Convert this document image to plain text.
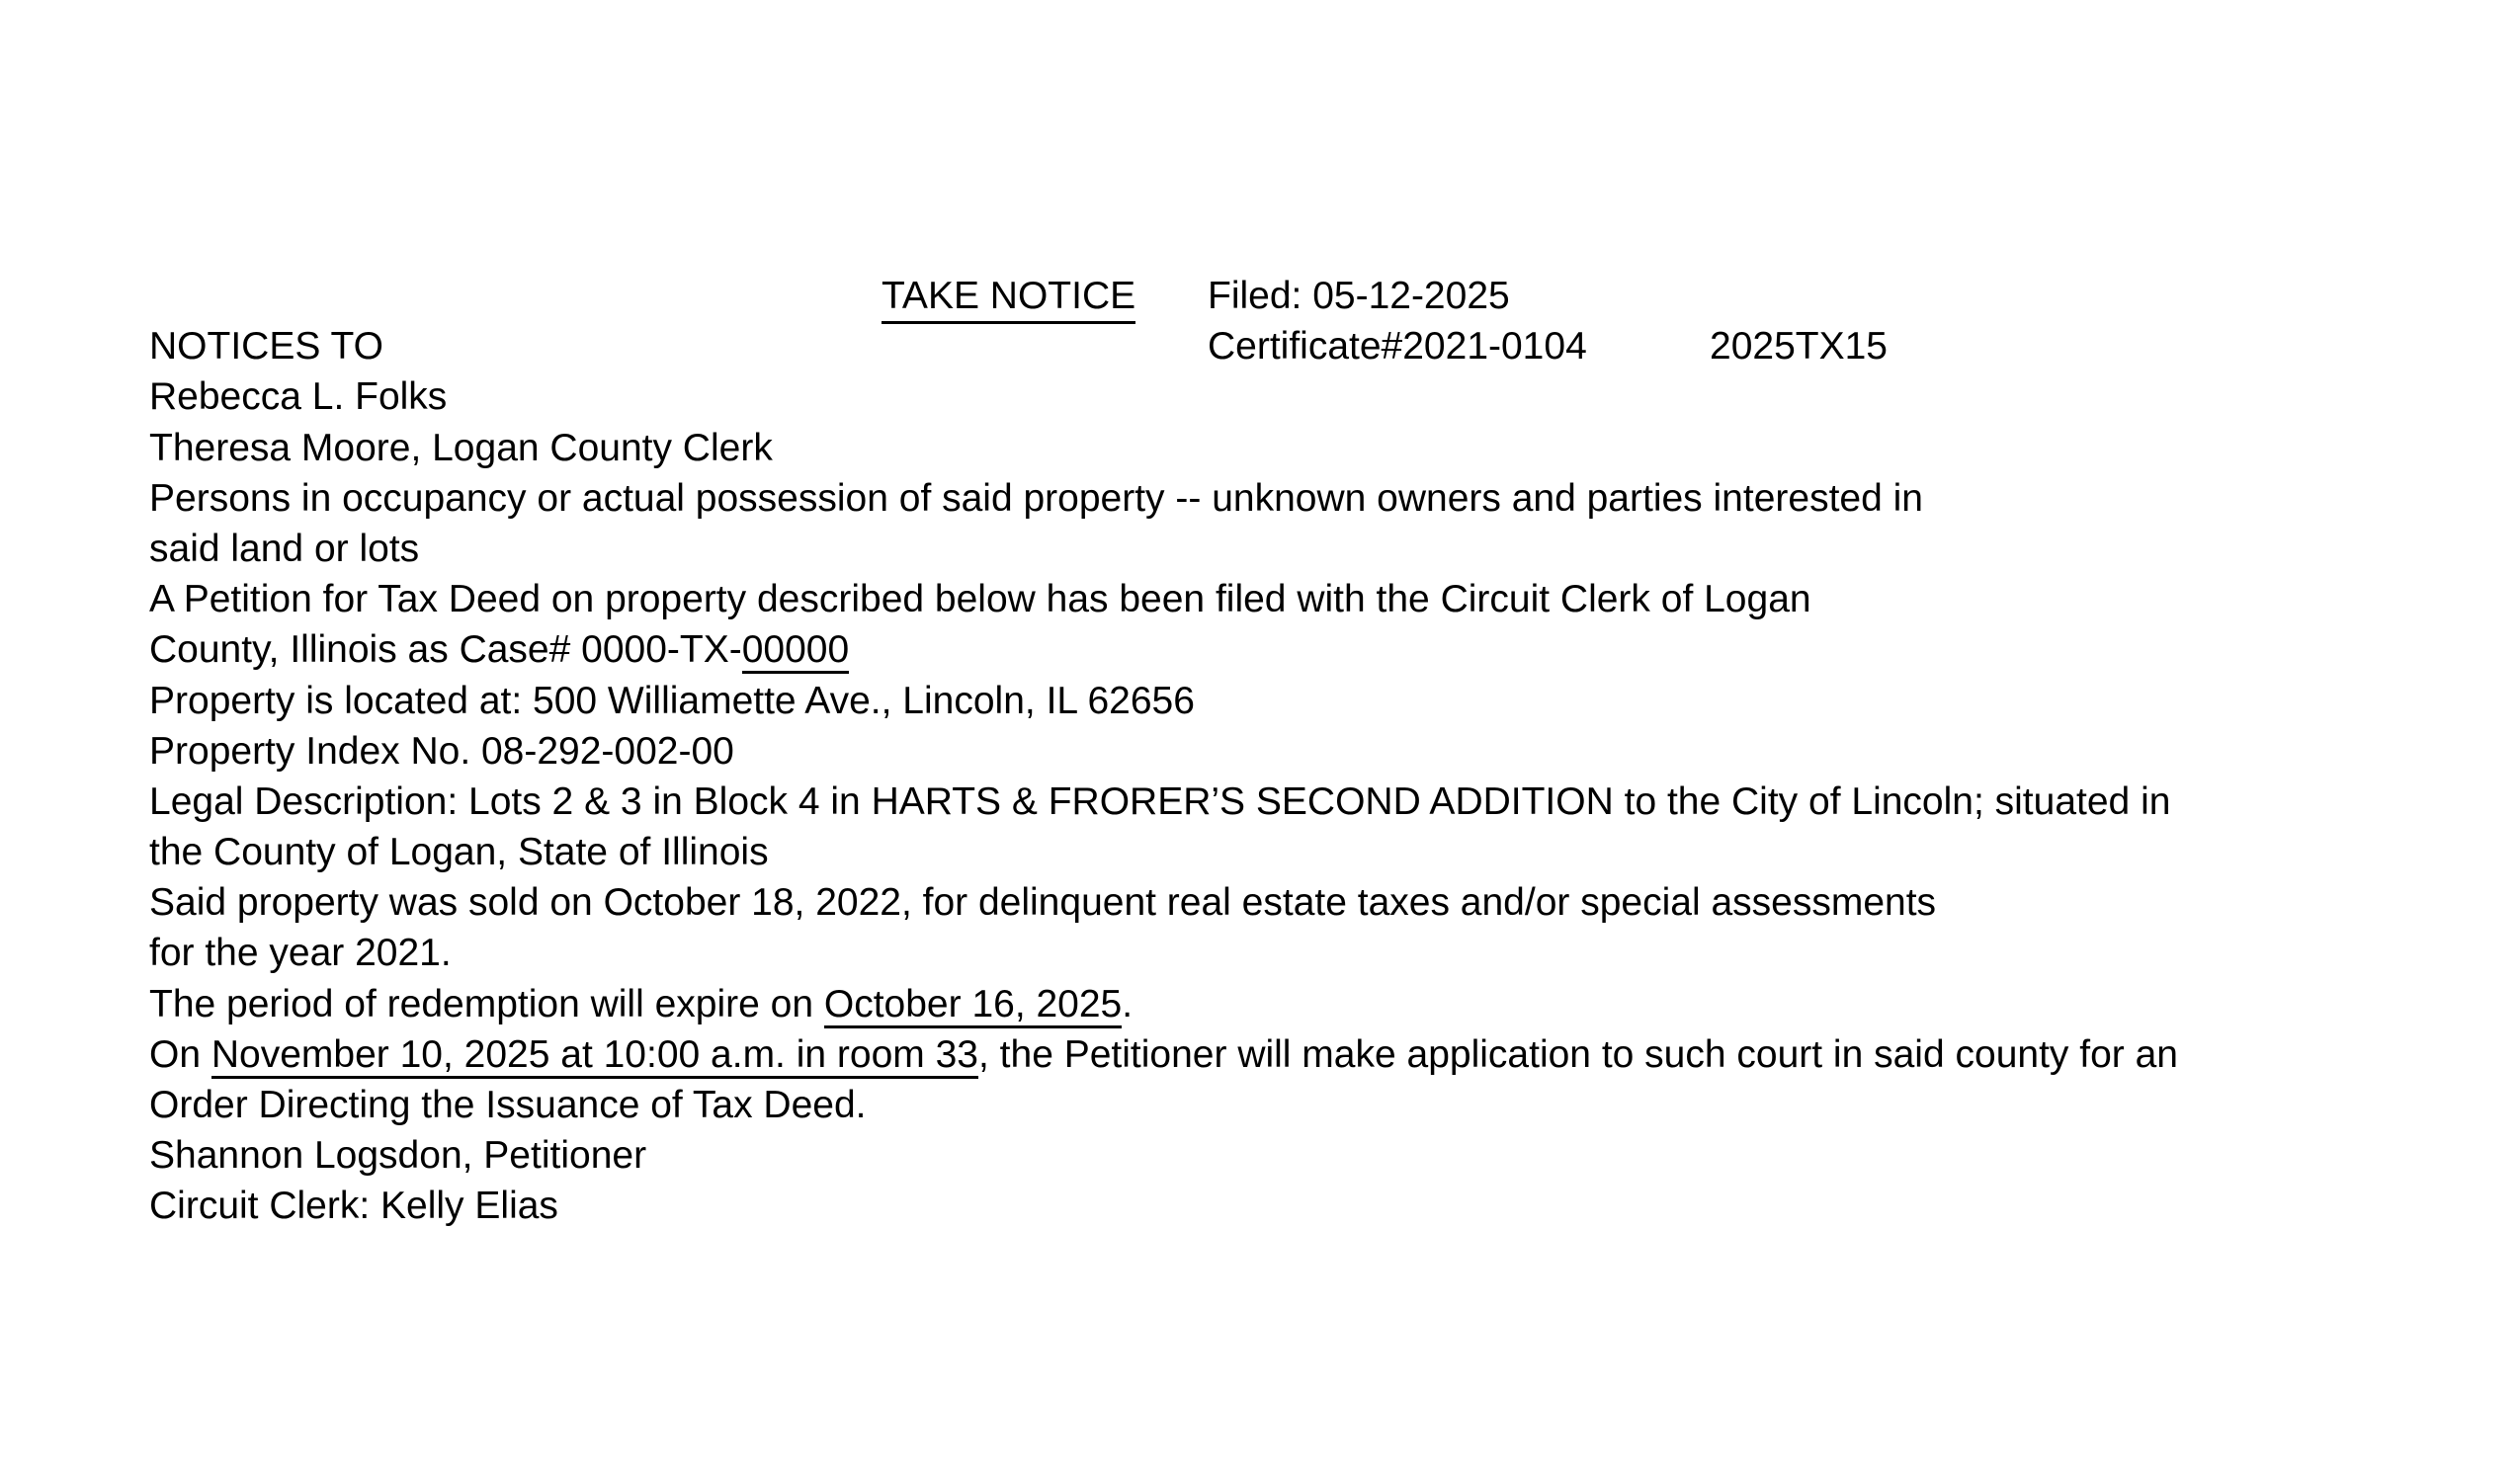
TAKE NOTICE Filed: 05-12-2025
NOTICES TO	Certificate#2021-0104	2025TX15
Rebecca L. Folks
Theresa Moore, Logan County Clerk
Persons in occupancy or actual possession of said property -- unknown owners and parties interested in
said land or lots
A Petition for Tax Deed on property described below has been filed with the Circuit Clerk of Logan
County, Illinois as Case# 0000-TX-00000
Property is located at: 500 Williamette Ave., Lincoln, IL 62656
Property Index No. 08-292-002-00
Legal Description: Lots 2 & 3 in Block 4 in HARTS & FRORER’S SECOND ADDITION to the City of Lincoln; situated in
the County of Logan, State of Illinois
Said property was sold on October 18, 2022, for delinquent real estate taxes and/or special assessments
for the year 2021.
The period of redemption will expire on October 16, 2025.
On November 10, 2025 at 10:00 a.m. in room 33, the Petitioner will make application to such court in said county for an
Order Directing the Issuance of Tax Deed.
Shannon Logsdon, Petitioner
Circuit Clerk: Kelly Elias
